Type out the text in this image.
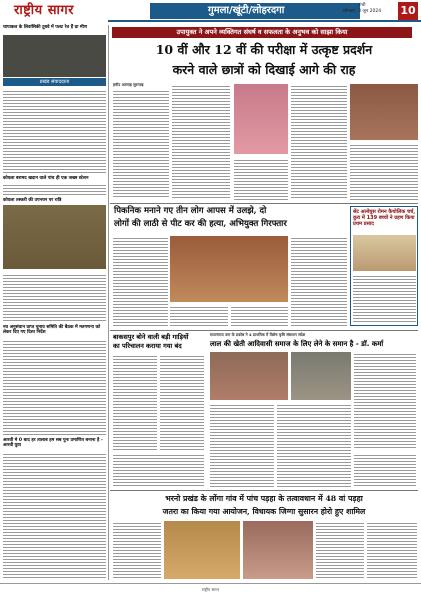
राष्ट्रीय सागर	गुमला/खूंटी/लोहरदगा	रांची
सोमवार, 3 जून 2024	10
चापाकल के लिवांसिकी टूबवे में पलट रेत हैं ग्रा मीण
प्रखंड संवाददाता
कोयला बरामद खदान वाले पांच ही एक जख्म स्टेशन
कोयला तस्करी की उपनयन पर रात्रि
नव अनुसंधान प्राप्त चुनाव समिति की बैठक में मतगणना को लेकर दिए गए दिशा निर्देश
आरवी मे 0 बाद हर तालाब हम सब पुनः प्रमाणित बनाना है - आरवी युवा
उपायुक्त ने अपने व्यक्तिगत संघर्ष व सफलता के अनुभव को साझा किया
10 वीं और 12 वीं की परीक्षा में उत्कृष्ट प्रदर्शन
करने वाले छात्रों को दिखाई आगे की राह
हमीद अल्लाह सुरम्याइ
पिकनिक मनाने गए तीन लोग आपस में उलझे, दो
लोगों की लाठी से पीट कर की हत्या, अभियुक्त गिरफ्तार
सेंट अल्वेयुस रोमन कैथोलिक चर्च, कुरा में 139 बच्चों ने ग्रहण किया प्रथम प्रसाद
बाकसपुर बोने वाली बड़ी गाड़ियों
का परिचालन कराया गया बंद
सत्यनाराय उमा के प्रकोष्ठ ने 4 प्राथमिक में विशेष कृषि संसाधन संदेश
लाल की खेती आदिवासी समाज के लिए लेने के समान है - डॉ. कर्मा
भरनो प्रखंड के लोंगा गांव में पांच पड़हा के तत्वावधान में 48 वां पड़हा
जतरा का किया गया आयोजन, विधायक जिग्गा सुसारन होरो हुए शामिल
राष्ट्रीय सागर
